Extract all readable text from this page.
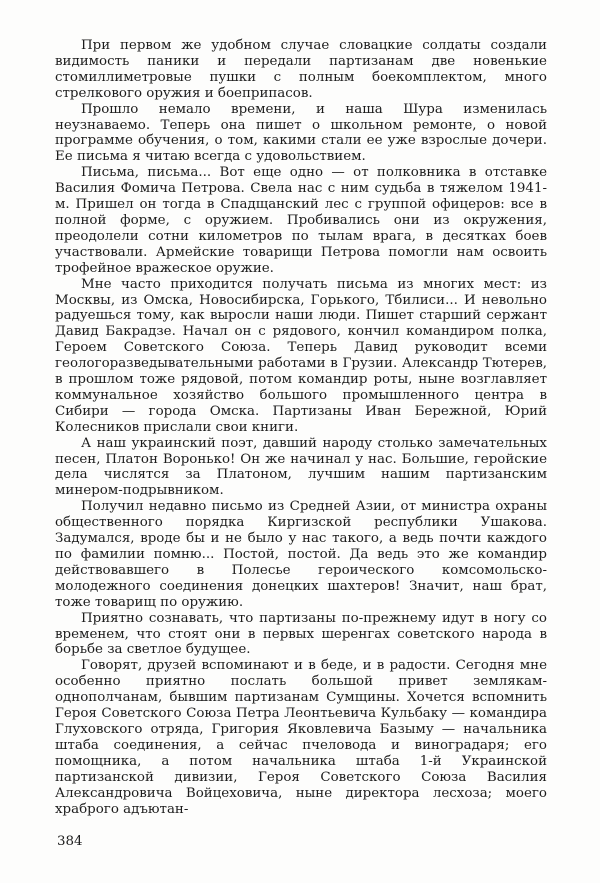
При первом же удобном случае словацкие солдаты создали видимость паники и передали партизанам две новенькие стомиллиметровые пушки с полным боекомплектом, много стрелкового оружия и боеприпасов.

Прошло немало времени, и наша Шура изменилась неузнаваемо. Теперь она пишет о школьном ремонте, о новой программе обучения, о том, какими стали ее уже взрослые дочери. Ее письма я читаю всегда с удовольствием.

Письма, письма... Вот еще одно — от полковника в отставке Василия Фомича Петрова. Свела нас с ним судьба в тяжелом 1941-м. Пришел он тогда в Спадщанский лес с группой офицеров: все в полной форме, с оружием. Пробивались они из окружения, преодолели сотни километров по тылам врага, в десятках боев участвовали. Армейские товарищи Петрова помогли нам освоить трофейное вражеское оружие.

Мне часто приходится получать письма из многих мест: из Москвы, из Омска, Новосибирска, Горького, Тбилиси... И невольно радуешься тому, как выросли наши люди. Пишет старший сержант Давид Бакрадзе. Начал он с рядового, кончил командиром полка, Героем Советского Союза. Теперь Давид руководит всеми геологоразведывательными работами в Грузии. Александр Тютерев, в прошлом тоже рядовой, потом командир роты, ныне возглавляет коммунальное хозяйство большого промышленного центра в Сибири — города Омска. Партизаны Иван Бережной, Юрий Колесников прислали свои книги.

А наш украинский поэт, давший народу столько замечательных песен, Платон Воронько! Он же начинал у нас. Большие, геройские дела числятся за Платоном, лучшим нашим партизанским минером-подрывником.

Получил недавно письмо из Средней Азии, от министра охраны общественного порядка Киргизской республики Ушакова. Задумался, вроде бы и не было у нас такого, а ведь почти каждого по фамилии помню... Постой, постой. Да ведь это же командир действовавшего в Полесье героического комсомольско-молодежного соединения донецких шахтеров! Значит, наш брат, тоже товарищ по оружию.

Приятно сознавать, что партизаны по-прежнему идут в ногу со временем, что стоят они в первых шеренгах советского народа в борьбе за светлое будущее.

Говорят, друзей вспоминают и в беде, и в радости. Сегодня мне особенно приятно послать большой привет землякам-однополчанам, бывшим партизанам Сумщины. Хочется вспомнить Героя Советского Союза Петра Леонтьевича Кульбаку — командира Глуховского отряда, Григория Яковлевича Базыму — начальника штаба соединения, а сейчас пчеловода и виноградаря; его помощника, а потом начальника штаба 1-й Украинской партизанской дивизии, Героя Советского Союза Василия Александровича Войцеховича, ныне директора лесхоза; моего храброго адъютан-

384
